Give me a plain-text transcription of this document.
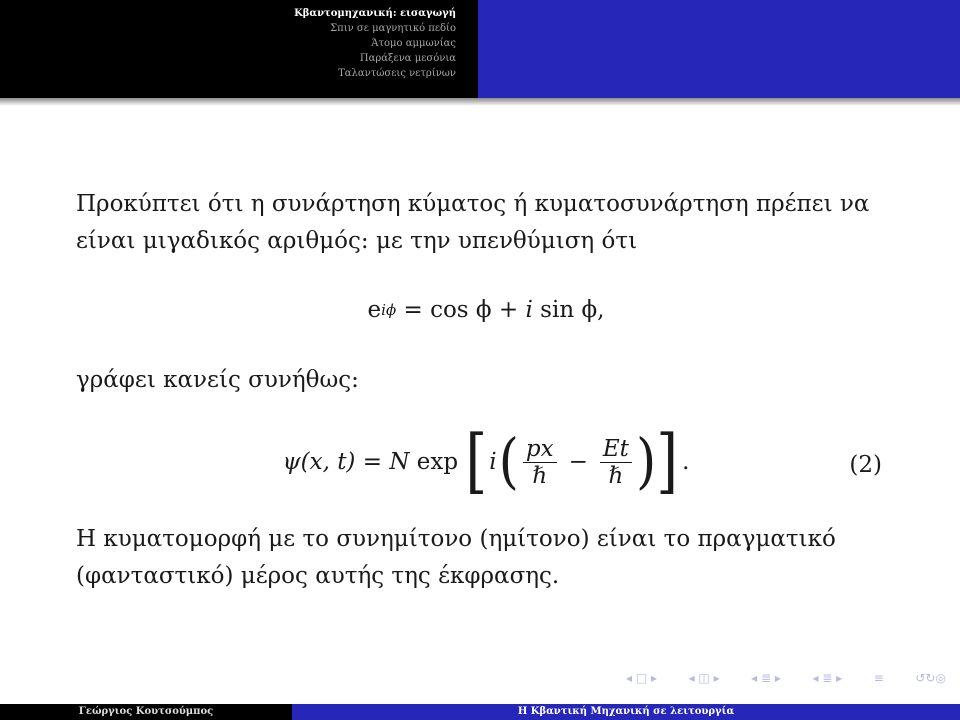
Κβαντομηχανική: εισαγωγή
Σπιν σε μαγνητικό πεδίο
Άτομο αμμωνίας
Παράξενα μεσόνια
Ταλαντώσεις νετρίνων

Προκύπτει ότι η συνάρτηση κύματος ή κυματοσυνάρτηση πρέπει να είναι μιγαδικός αριθμός: με την υπενθύμιση ότι

e iϕ = cos ϕ + i sin ϕ,

γράφει κανείς συνήθως:

ψ (x, t) = N exp [ i ( $\frac{px}{\text{ℏ}} - \frac{Et}{\text{ℏ}}$ ) ] .	(2)

Η κυματομορφή με το συνημίτονο (ημίτονο) είναι το πραγματικό (φανταστικό) μέρος αυτής της έκφρασης.

◂ □ ▸	◂ ◫ ▸	◂ ≣ ▸	◂ ≣ ▸	≡	↺↻◎
Γεώργιος Κουτσούμπος	Η Κβαντική Μηχανική σε λειτουργία
